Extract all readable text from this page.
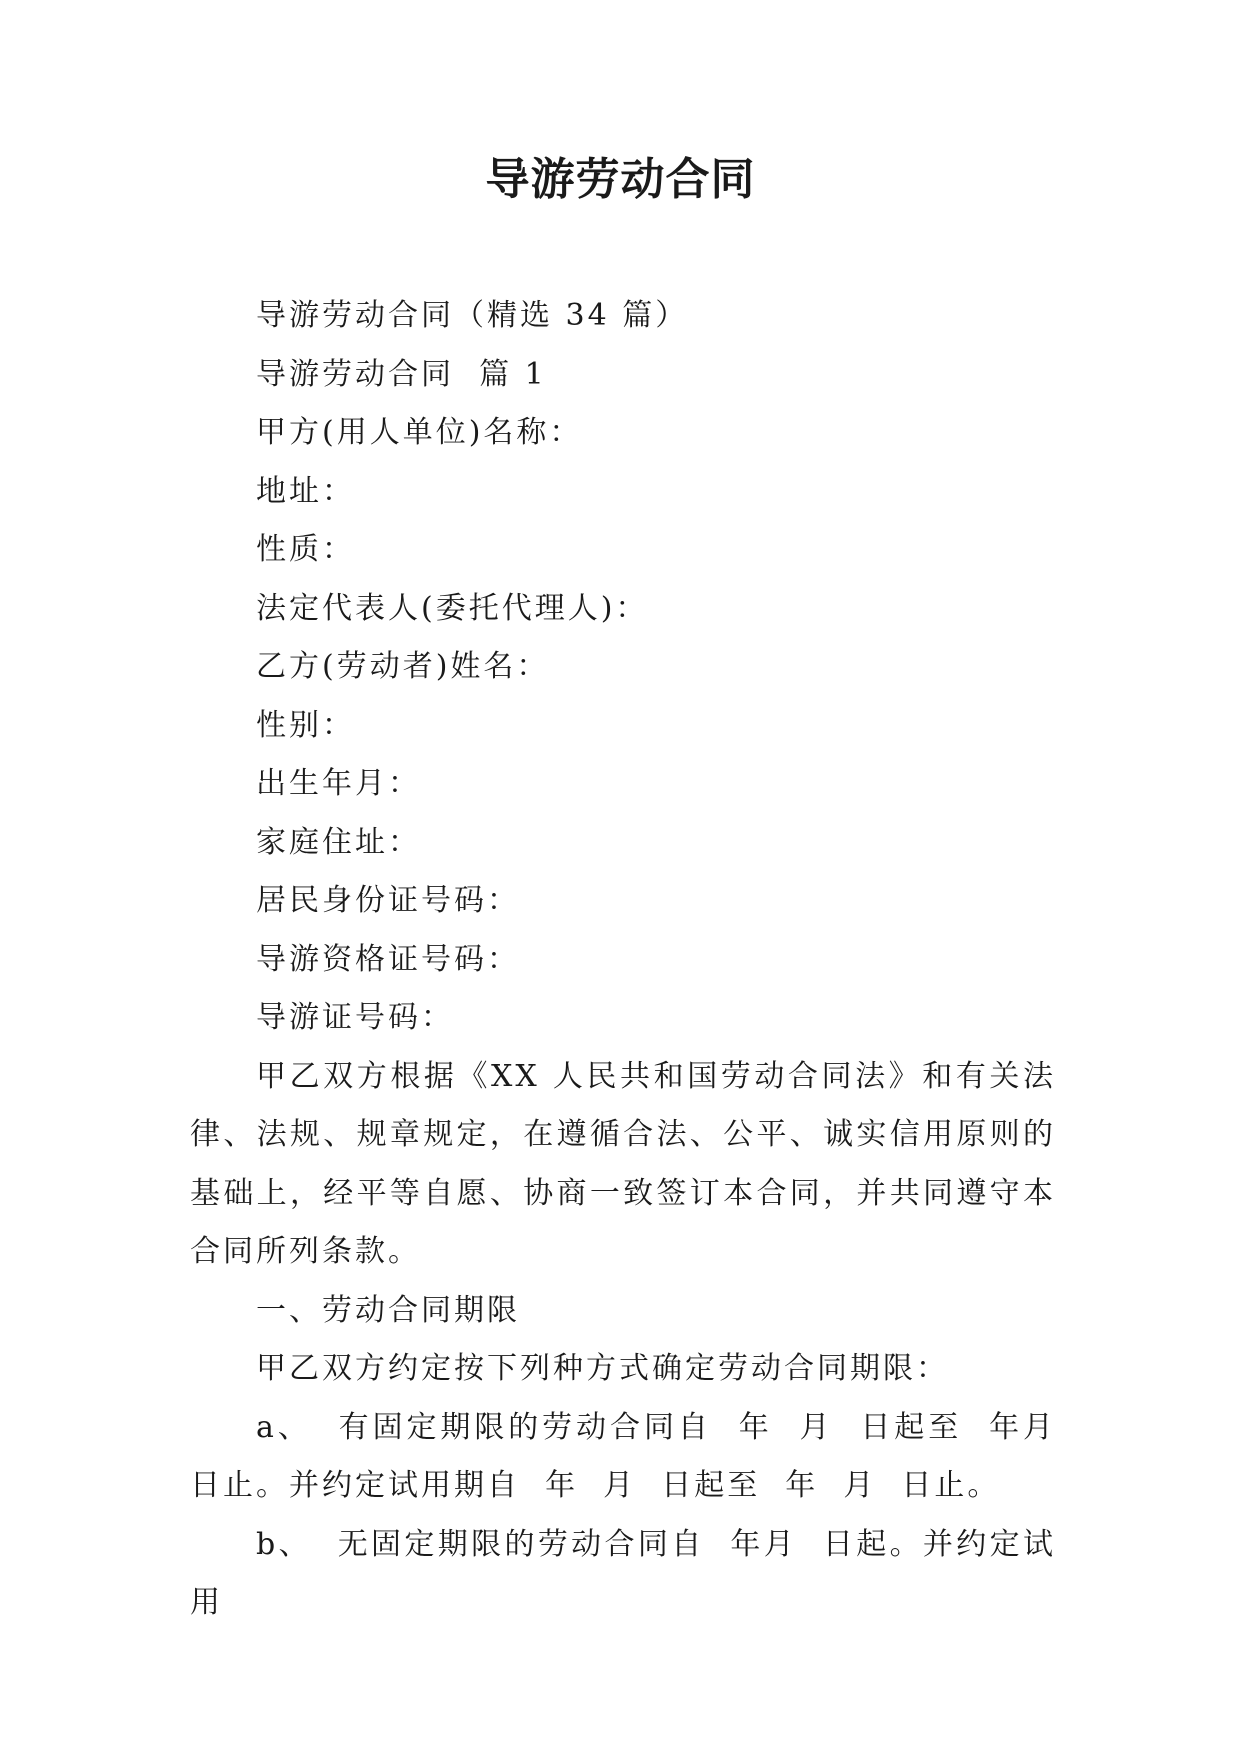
导游劳动合同

导游劳动合同（精选 34 篇）

导游劳动合同  篇 1

甲方(用人单位)名称：

地址：

性质：

法定代表人(委托代理人)：

乙方(劳动者)姓名：

性别：

出生年月：

家庭住址：

居民身份证号码：

导游资格证号码：

导游证号码：

甲乙双方根据《XX 人民共和国劳动合同法》和有关法律、法规、规章规定，在遵循合法、公平、诚实信用原则的基础上，经平等自愿、协商一致签订本合同，并共同遵守本合同所列条款。

一、劳动合同期限

甲乙双方约定按下列种方式确定劳动合同期限：

a、  有固定期限的劳动合同自  年  月  日起至  年月日止。并约定试用期自  年  月  日起至  年  月  日止。

b、  无固定期限的劳动合同自  年月  日起。并约定试用
